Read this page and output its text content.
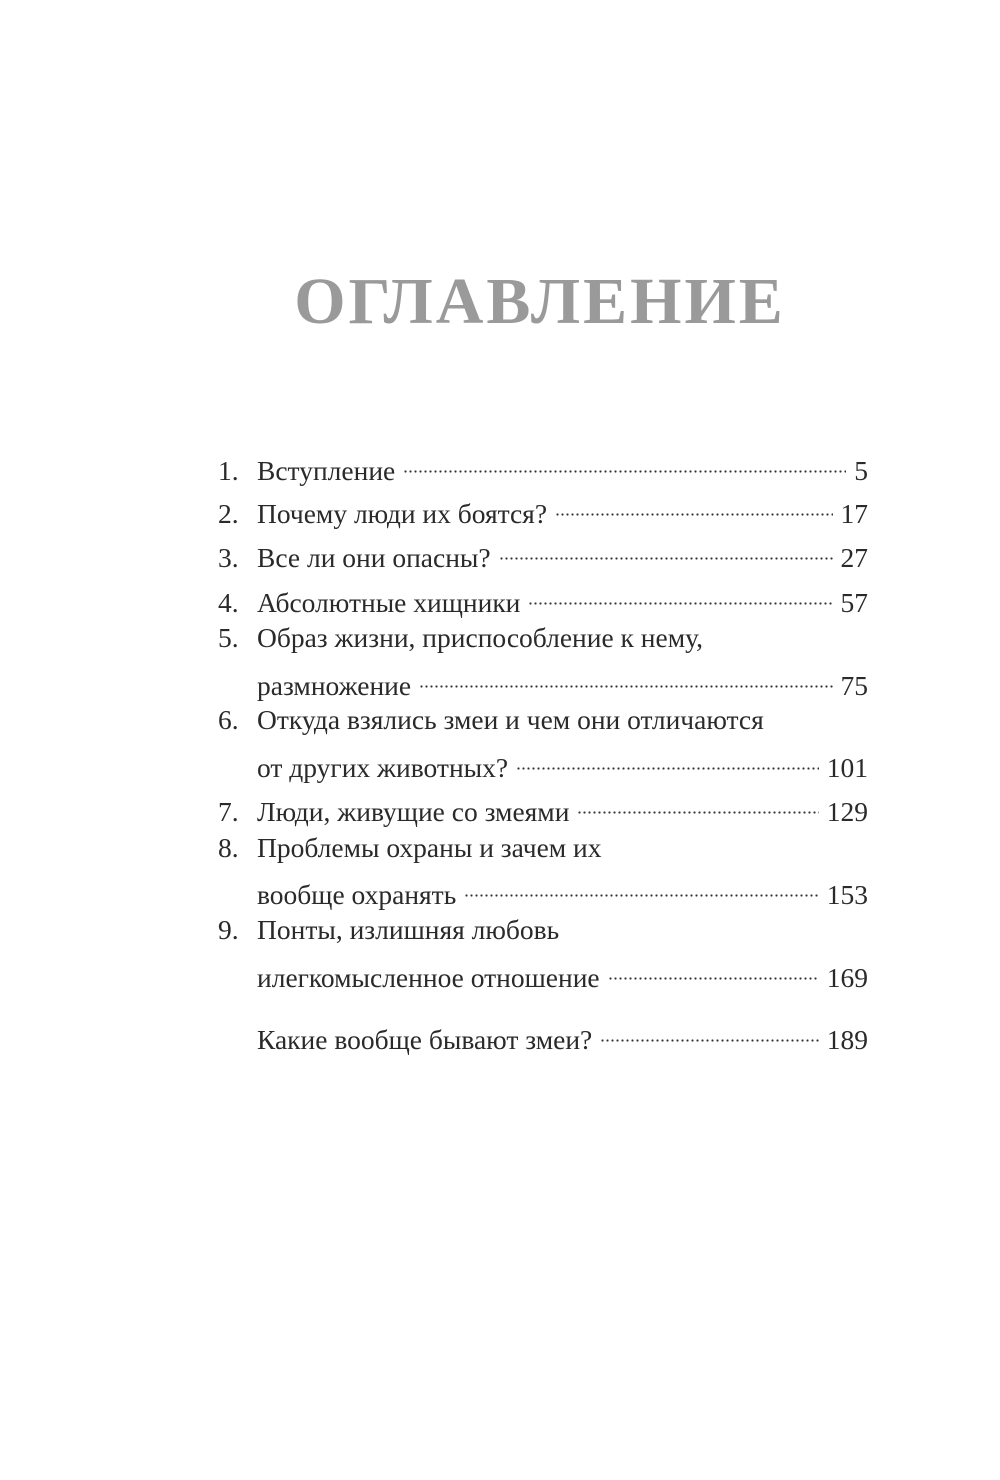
ОГЛАВЛЕНИЕ
1. Вступление	5
2. Почему люди их боятся?	17
3. Все ли они опасны?	27
4. Абсолютные хищники	57
5. Образ жизни, приспособление к нему,
размножение	75
6. Откуда взялись змеи и чем они отличаются
от других животных?	101
7. Люди, живущие со змеями	129
8. Проблемы охраны и зачем их
вообще охранять	153
9. Понты, излишняя любовь
илегкомысленное отношение	169
Какие вообще бывают змеи?	189
